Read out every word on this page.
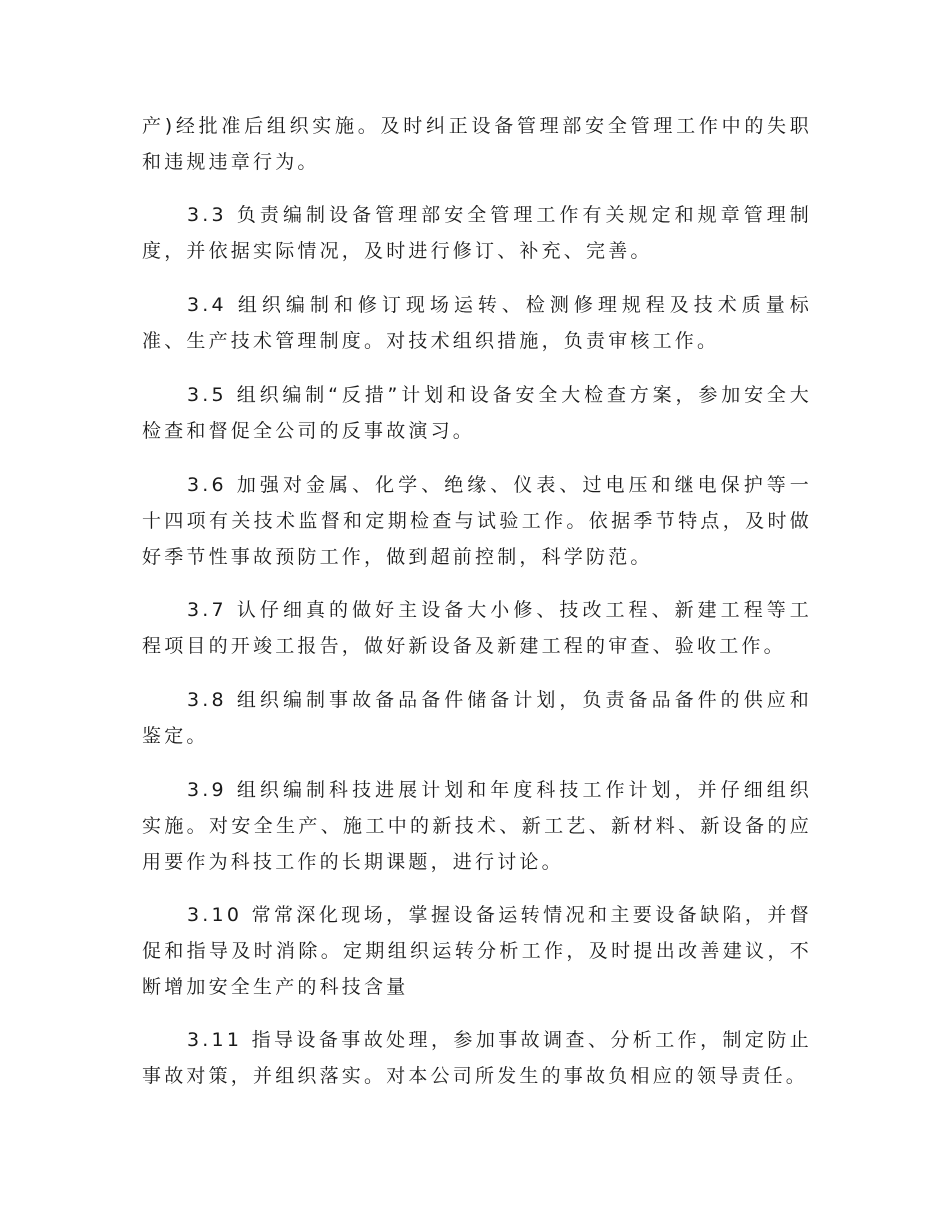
产)经批准后组织实施。及时纠正设备管理部安全管理工作中的失职和违规违章行为。

3.3 负责编制设备管理部安全管理工作有关规定和规章管理制度，并依据实际情况，及时进行修订、补充、完善。

3.4 组织编制和修订现场运转、检测修理规程及技术质量标准、生产技术管理制度。对技术组织措施，负责审核工作。

3.5 组织编制“反措”计划和设备安全大检查方案，参加安全大检查和督促全公司的反事故演习。

3.6 加强对金属、化学、绝缘、仪表、过电压和继电保护等一十四项有关技术监督和定期检查与试验工作。依据季节特点，及时做好季节性事故预防工作，做到超前控制，科学防范。

3.7 认仔细真的做好主设备大小修、技改工程、新建工程等工程项目的开竣工报告，做好新设备及新建工程的审查、验收工作。

3.8 组织编制事故备品备件储备计划，负责备品备件的供应和鉴定。

3.9 组织编制科技进展计划和年度科技工作计划，并仔细组织实施。对安全生产、施工中的新技术、新工艺、新材料、新设备的应用要作为科技工作的长期课题，进行讨论。

3.10 常常深化现场，掌握设备运转情况和主要设备缺陷，并督促和指导及时消除。定期组织运转分析工作，及时提出改善建议，不断增加安全生产的科技含量

3.11 指导设备事故处理，参加事故调查、分析工作，制定防止事故对策，并组织落实。对本公司所发生的事故负相应的领导责任。
